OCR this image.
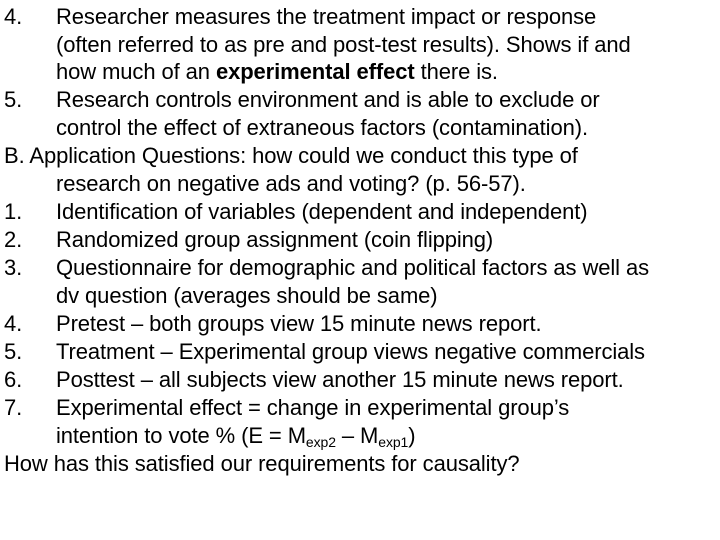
4. Researcher measures the treatment impact or response
(often referred to as pre and post-test results). Shows if and
how much of an experimental effect there is.
5. Research controls environment and is able to exclude or
control the effect of extraneous factors (contamination).
B. Application Questions: how could we conduct this type of
research on negative ads and voting? (p. 56-57).
1. Identification of variables (dependent and independent)
2. Randomized group assignment (coin flipping)
3. Questionnaire for demographic and political factors as well as
dv question (averages should be same)
4. Pretest – both groups view 15 minute news report.
5. Treatment – Experimental group views negative commercials
6. Posttest – all subjects view another 15 minute news report.
7. Experimental effect = change in experimental group’s
intention to vote % $(E = M_{exp2} - M_{exp1})$
How has this satisfied our requirements for causality?
